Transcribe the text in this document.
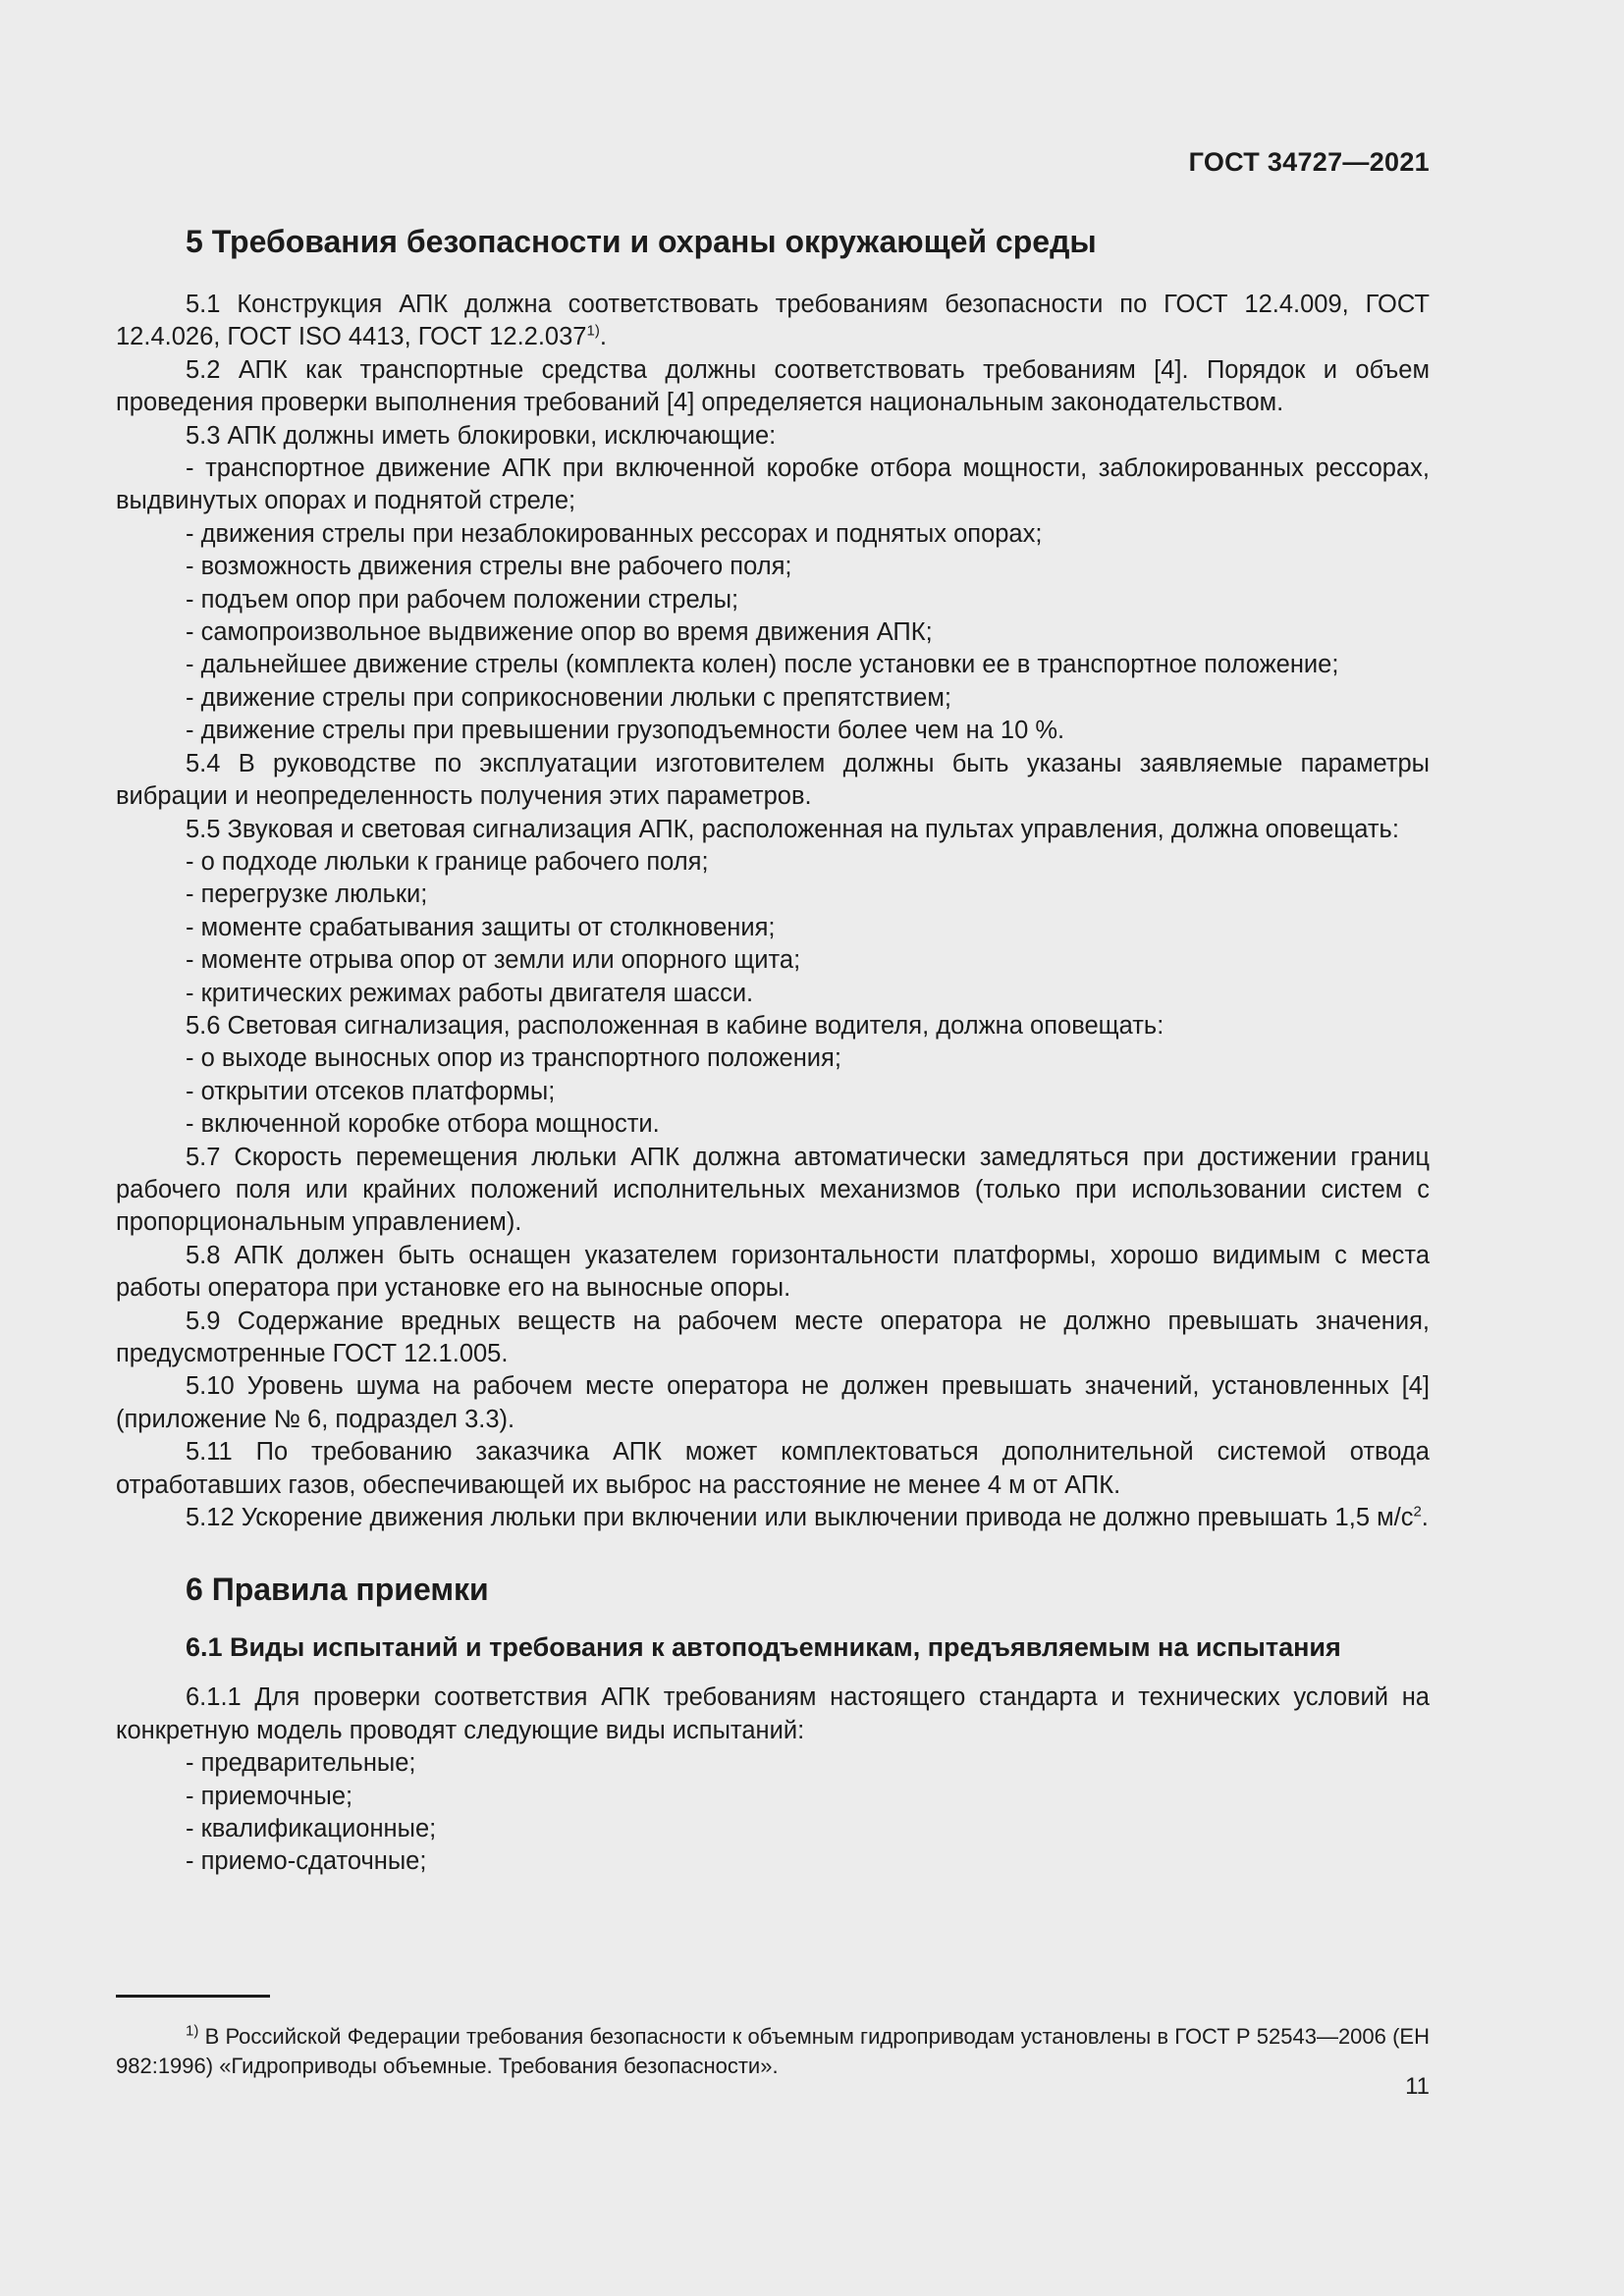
ГОСТ 34727—2021
5 Требования безопасности и охраны окружающей среды

5.1 Конструкция АПК должна соответствовать требованиям безопасности по ГОСТ 12.4.009, ГОСТ 12.4.026, ГОСТ ISO 4413, ГОСТ 12.2.037$^{1)}$.

5.2 АПК как транспортные средства должны соответствовать требованиям [4]. Порядок и объем проведения проверки выполнения требований [4] определяется национальным законодательством.

5.3 АПК должны иметь блокировки, исключающие:

- транспортное движение АПК при включенной коробке отбора мощности, заблокированных рессорах, выдвинутых опорах и поднятой стреле;

- движения стрелы при незаблокированных рессорах и поднятых опорах;

- возможность движения стрелы вне рабочего поля;

- подъем опор при рабочем положении стрелы;

- самопроизвольное выдвижение опор во время движения АПК;

- дальнейшее движение стрелы (комплекта колен) после установки ее в транспортное положение;

- движение стрелы при соприкосновении люльки с препятствием;

- движение стрелы при превышении грузоподъемности более чем на 10 %.

5.4 В руководстве по эксплуатации изготовителем должны быть указаны заявляемые параметры вибрации и неопределенность получения этих параметров.

5.5 Звуковая и световая сигнализация АПК, расположенная на пультах управления, должна оповещать:

- о подходе люльки к границе рабочего поля;

- перегрузке люльки;

- моменте срабатывания защиты от столкновения;

- моменте отрыва опор от земли или опорного щита;

- критических режимах работы двигателя шасси.

5.6 Световая сигнализация, расположенная в кабине водителя, должна оповещать:

- о выходе выносных опор из транспортного положения;

- открытии отсеков платформы;

- включенной коробке отбора мощности.

5.7 Скорость перемещения люльки АПК должна автоматически замедляться при достижении границ рабочего поля или крайних положений исполнительных механизмов (только при использовании систем с пропорциональным управлением).

5.8 АПК должен быть оснащен указателем горизонтальности платформы, хорошо видимым с места работы оператора при установке его на выносные опоры.

5.9 Содержание вредных веществ на рабочем месте оператора не должно превышать значения, предусмотренные ГОСТ 12.1.005.

5.10 Уровень шума на рабочем месте оператора не должен превышать значений, установленных [4] (приложение № 6, подраздел 3.3).

5.11 По требованию заказчика АПК может комплектоваться дополнительной системой отвода отработавших газов, обеспечивающей их выброс на расстояние не менее 4 м от АПК.

5.12 Ускорение движения люльки при включении или выключении привода не должно превышать 1,5 $м/с^2$.

6 Правила приемки
6.1 Виды испытаний и требования к автоподъемникам, предъявляемым на испытания

6.1.1 Для проверки соответствия АПК требованиям настоящего стандарта и технических условий на конкретную модель проводят следующие виды испытаний:

- предварительные;

- приемочные;

- квалификационные;

- приемо-сдаточные;

$^{1)}$ В Российской Федерации требования безопасности к объемным гидроприводам установлены в ГОСТ Р 52543—2006 (ЕН 982:1996) «Гидроприводы объемные. Требования безопасности».

11
